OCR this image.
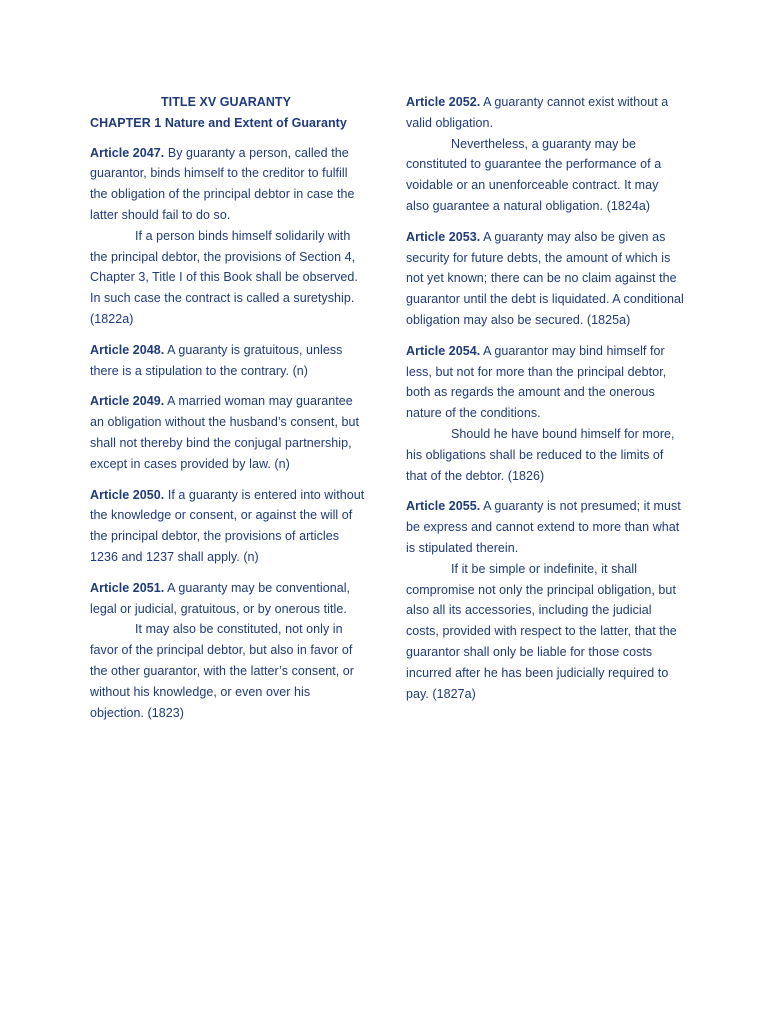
TITLE XV GUARANTY
CHAPTER 1 Nature and Extent of Guaranty

Article 2047. By guaranty a person, called the guarantor, binds himself to the creditor to fulfill the obligation of the principal debtor in case the latter should fail to do so.

If a person binds himself solidarily with the principal debtor, the provisions of Section 4, Chapter 3, Title I of this Book shall be observed. In such case the contract is called a suretyship. (1822a)

Article 2048. A guaranty is gratuitous, unless there is a stipulation to the contrary. (n)

Article 2049. A married woman may guarantee an obligation without the husband’s consent, but shall not thereby bind the conjugal partnership, except in cases provided by law. (n)

Article 2050. If a guaranty is entered into without the knowledge or consent, or against the will of the principal debtor, the provisions of articles 1236 and 1237 shall apply. (n)

Article 2051. A guaranty may be conventional, legal or judicial, gratuitous, or by onerous title.

It may also be constituted, not only in favor of the principal debtor, but also in favor of the other guarantor, with the latter’s consent, or without his knowledge, or even over his objection. (1823)

Article 2052. A guaranty cannot exist without a valid obligation.

Nevertheless, a guaranty may be constituted to guarantee the performance of a voidable or an unenforceable contract. It may also guarantee a natural obligation. (1824a)

Article 2053. A guaranty may also be given as security for future debts, the amount of which is not yet known; there can be no claim against the guarantor until the debt is liquidated. A conditional obligation may also be secured. (1825a)

Article 2054. A guarantor may bind himself for less, but not for more than the principal debtor, both as regards the amount and the onerous nature of the conditions.

Should he have bound himself for more, his obligations shall be reduced to the limits of that of the debtor. (1826)

Article 2055. A guaranty is not presumed; it must be express and cannot extend to more than what is stipulated therein.

If it be simple or indefinite, it shall compromise not only the principal obligation, but also all its accessories, including the judicial costs, provided with respect to the latter, that the guarantor shall only be liable for those costs incurred after he has been judicially required to pay. (1827a)
